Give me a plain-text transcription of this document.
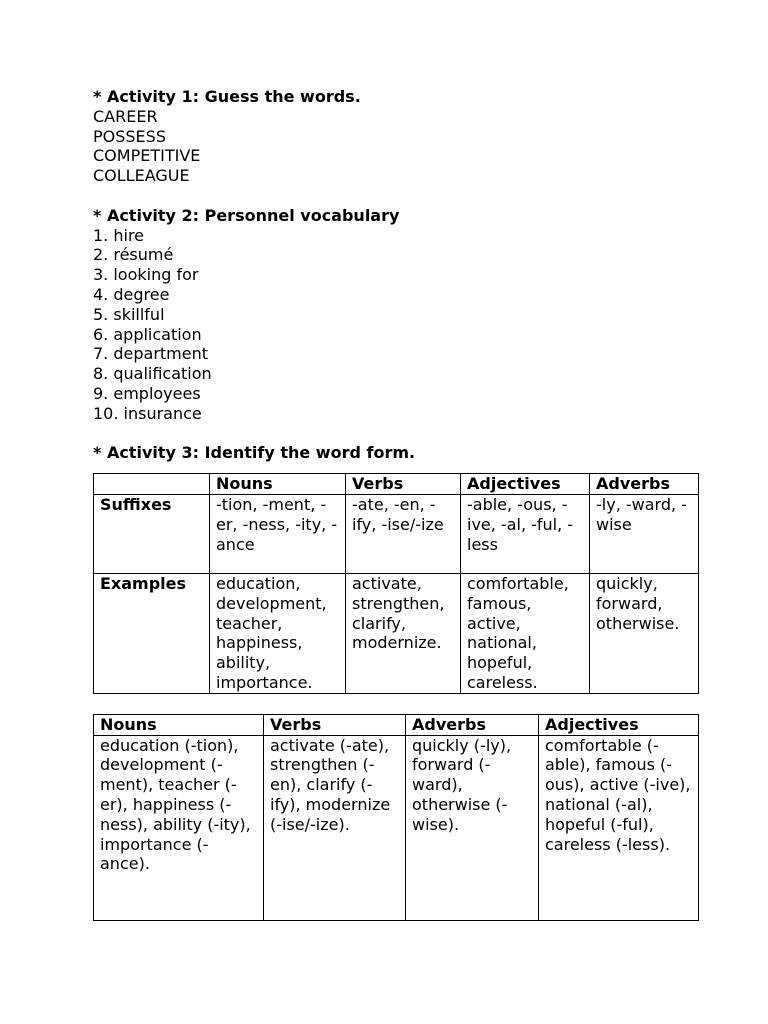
* Activity 1: Guess the words.
CAREER
POSSESS
COMPETITIVE
COLLEAGUE
* Activity 2: Personnel vocabulary
1. hire
2. résumé
3. looking for
4. degree
5. skillful
6. application
7. department
8. qualification
9. employees
10. insurance
* Activity 3: Identify the word form.
	Nouns	Verbs	Adjectives	Adverbs
Suffixes	-tion, -ment, -er, -ness, -ity, -ance	-ate, -en, -ify, -ise/-ize	-able, -ous, -ive, -al, -ful, -less	-ly, -ward, -wise
Examples	education, development, teacher, happiness, ability, importance.	activate, strengthen, clarify, modernize.	comfortable, famous, active, national, hopeful, careless.	quickly, forward, otherwise.
Nouns	Verbs	Adverbs	Adjectives
education (-tion), development (-ment), teacher (-er), happiness (-ness), ability (-ity), importance (-ance).	activate (-ate), strengthen (-en), clarify (-ify), modernize (-ise/-ize).	quickly (-ly), forward (-ward), otherwise (-wise).	comfortable (-able), famous (-ous), active (-ive), national (-al), hopeful (-ful), careless (-less).
